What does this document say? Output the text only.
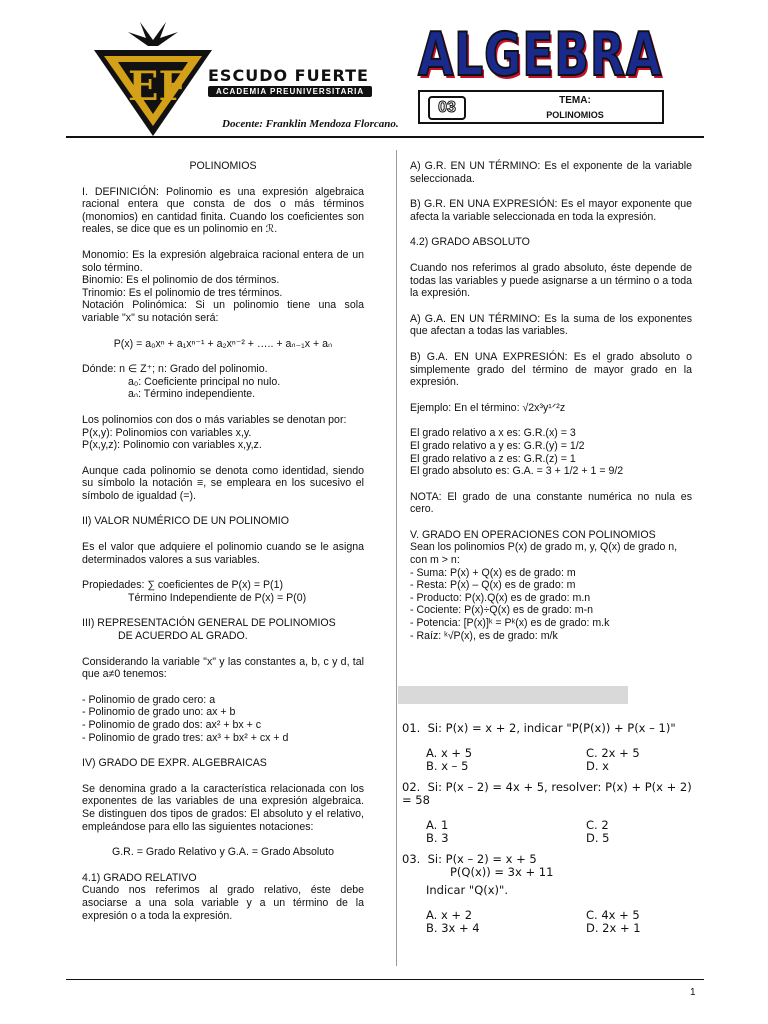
EF ESCUDO FUERTE
ACADEMIA PREUNIVERSITARIA
Docente: Franklin Mendoza Florcano.
ALGEBRA
ALGEBRA
03	TEMA:
POLINOMIOS

POLINOMIOS

I. DEFINICIÓN: Polinomio es una expresión algebraica racional entera que consta de dos o más términos (monomios) en cantidad finita. Cuando los coeficientes son reales, se dice que es un polinomio en ℛ.

Monomio: Es la expresión algebraica racional entera de un solo término.
Binomio: Es el polinomio de dos términos.
Trinomio: Es el polinomio de tres términos.
Notación Polinómica: Si un polinomio tiene una sola variable "x" su notación será:

P(x) = a₀xⁿ + a₁xⁿ⁻¹ + a₂xⁿ⁻² + ….. + aₙ₋₁x + aₙ

Dónde: n ∈ Z⁺; n: Grado del polinomio.
a₀: Coeficiente principal no nulo.
aₙ: Término independiente.

Los polinomios con dos o más variables se denotan por:
P(x,y): Polinomios con variables x,y.
P(x,y,z): Polinomio con variables x,y,z.

Aunque cada polinomio se denota como identidad, siendo su símbolo la notación ≡, se empleara en los sucesivo el símbolo de igualdad (=).

II) VALOR NUMÉRICO DE UN POLINOMIO

Es el valor que adquiere el polinomio cuando se le asigna determinados valores a sus variables.

Propiedades: ∑ coeficientes de P(x) = P(1)
Término Independiente de P(x) = P(0)

III) REPRESENTACIÓN GENERAL DE POLINOMIOS
DE ACUERDO AL GRADO.

Considerando la variable "x" y las constantes a, b, c y d, tal que a≠0 tenemos:

- Polinomio de grado cero: a
- Polinomio de grado uno: ax + b
- Polinomio de grado dos: ax² + bx + c
- Polinomio de grado tres: ax³ + bx² + cx + d

IV) GRADO DE EXPR. ALGEBRAICAS

Se denomina grado a la característica relacionada con los exponentes de las variables de una expresión algebraica. Se distinguen dos tipos de grados: El absoluto y el relativo, empleándose para ello las siguientes notaciones:

G.R. = Grado Relativo y G.A. = Grado Absoluto

4.1) GRADO RELATIVO
Cuando nos referimos al grado relativo, éste debe asociarse a una sola variable y a un término de la expresión o a toda la expresión.

A) G.R. EN UN TÉRMINO: Es el exponente de la variable seleccionada.

B) G.R. EN UNA EXPRESIÓN: Es el mayor exponente que afecta la variable seleccionada en toda la expresión.

4.2) GRADO ABSOLUTO

Cuando nos referimos al grado absoluto, éste depende de todas las variables y puede asignarse a un término o a toda la expresión.

A) G.A. EN UN TÉRMINO: Es la suma de los exponentes que afectan a todas las variables.

B) G.A. EN UNA EXPRESIÓN: Es el grado absoluto o simplemente grado del término de mayor grado en la expresión.

Ejemplo: En el término: √2x³y¹ᐟ²z

El grado relativo a x es: G.R.(x) = 3
El grado relativo a y es: G.R.(y) = 1/2
El grado relativo a z es: G.R.(z) = 1
El grado absoluto es: G.A. = 3 + 1/2 + 1 = 9/2

NOTA: El grado de una constante numérica no nula es cero.

V. GRADO EN OPERACIONES CON POLINOMIOS
Sean los polinomios P(x) de grado m, y, Q(x) de grado n, con m > n:
- Suma: P(x) + Q(x) es de grado: m
- Resta: P(x) – Q(x) es de grado: m
- Producto: P(x).Q(x) es de grado: m.n
- Cociente: P(x)÷Q(x) es de grado: m-n
- Potencia: [P(x)]ᵏ = Pᵏ(x) es de grado: m.k
- Raíz: ᵏ√P(x), es de grado: m/k

01. Si: P(x) = x + 2, indicar "P(P(x)) + P(x – 1)"
A. x + 5	C. 2x + 5
B. x – 5	D. x
02. Si: P(x – 2) = 4x + 5, resolver: P(x) + P(x + 2) = 58
A. 1	C. 2
B. 3	D. 5
03. Si: P(x – 2) = x + 5
P(Q(x)) = 3x + 11
Indicar "Q(x)".
A. x + 2	C. 4x + 5
B. 3x + 4	D. 2x + 1
1
